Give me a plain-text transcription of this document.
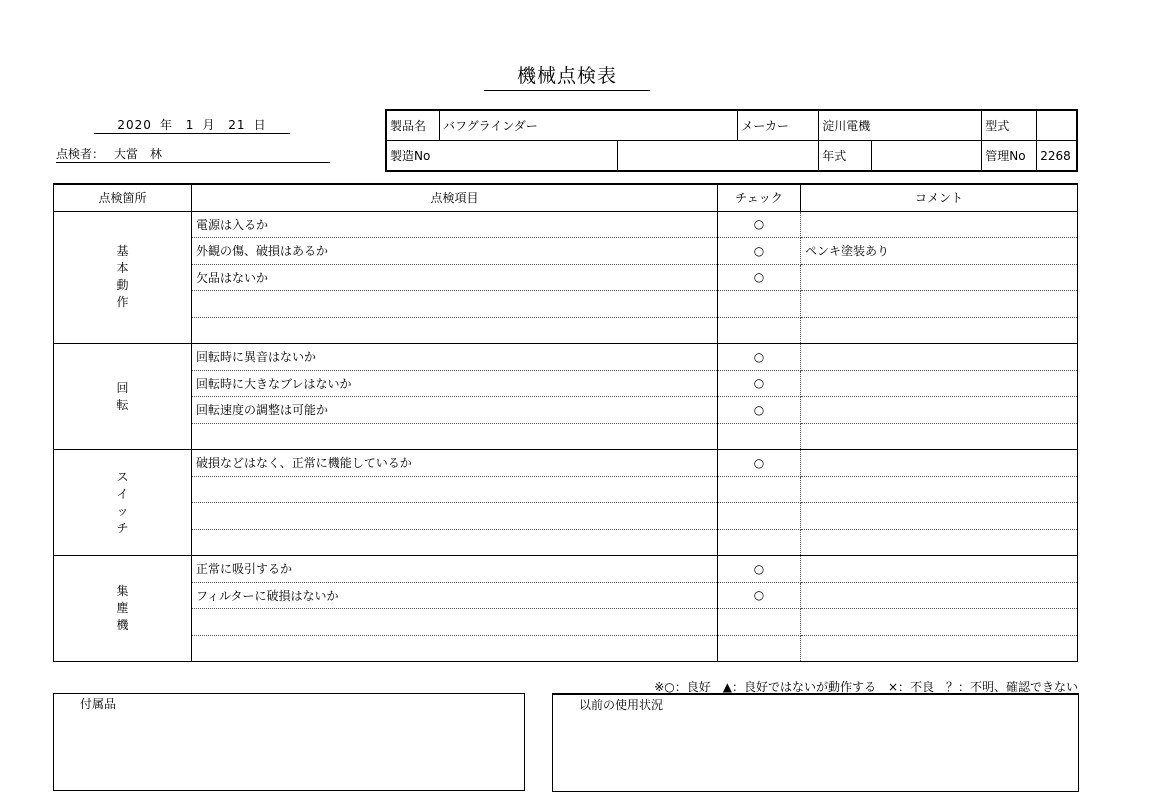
機械点検表
2020 年 1 月 21 日
点検者： 大當　林
製品名	バフグラインダー		メーカー	淀川電機		型式	
製造No				年式		管理No	2268
点検箇所	点検項目	チェック	コメント
基本動作	電源は入るか	○	
	外観の傷、破損はあるか	○	ペンキ塗装あり
	欠品はないか	○	

回転	回転時に異音はないか	○	
	回転時に大きなブレはないか	○	
	回転速度の調整は可能か	○	

スイッチ	破損などはなく、正常に機能しているか	○	

集塵機	正常に吸引するか	○	
	フィルターに破損はないか	○	

※○：良好　▲：良好ではないが動作する　×：不良　？：不明、確認できない
付属品	以前の使用状況
